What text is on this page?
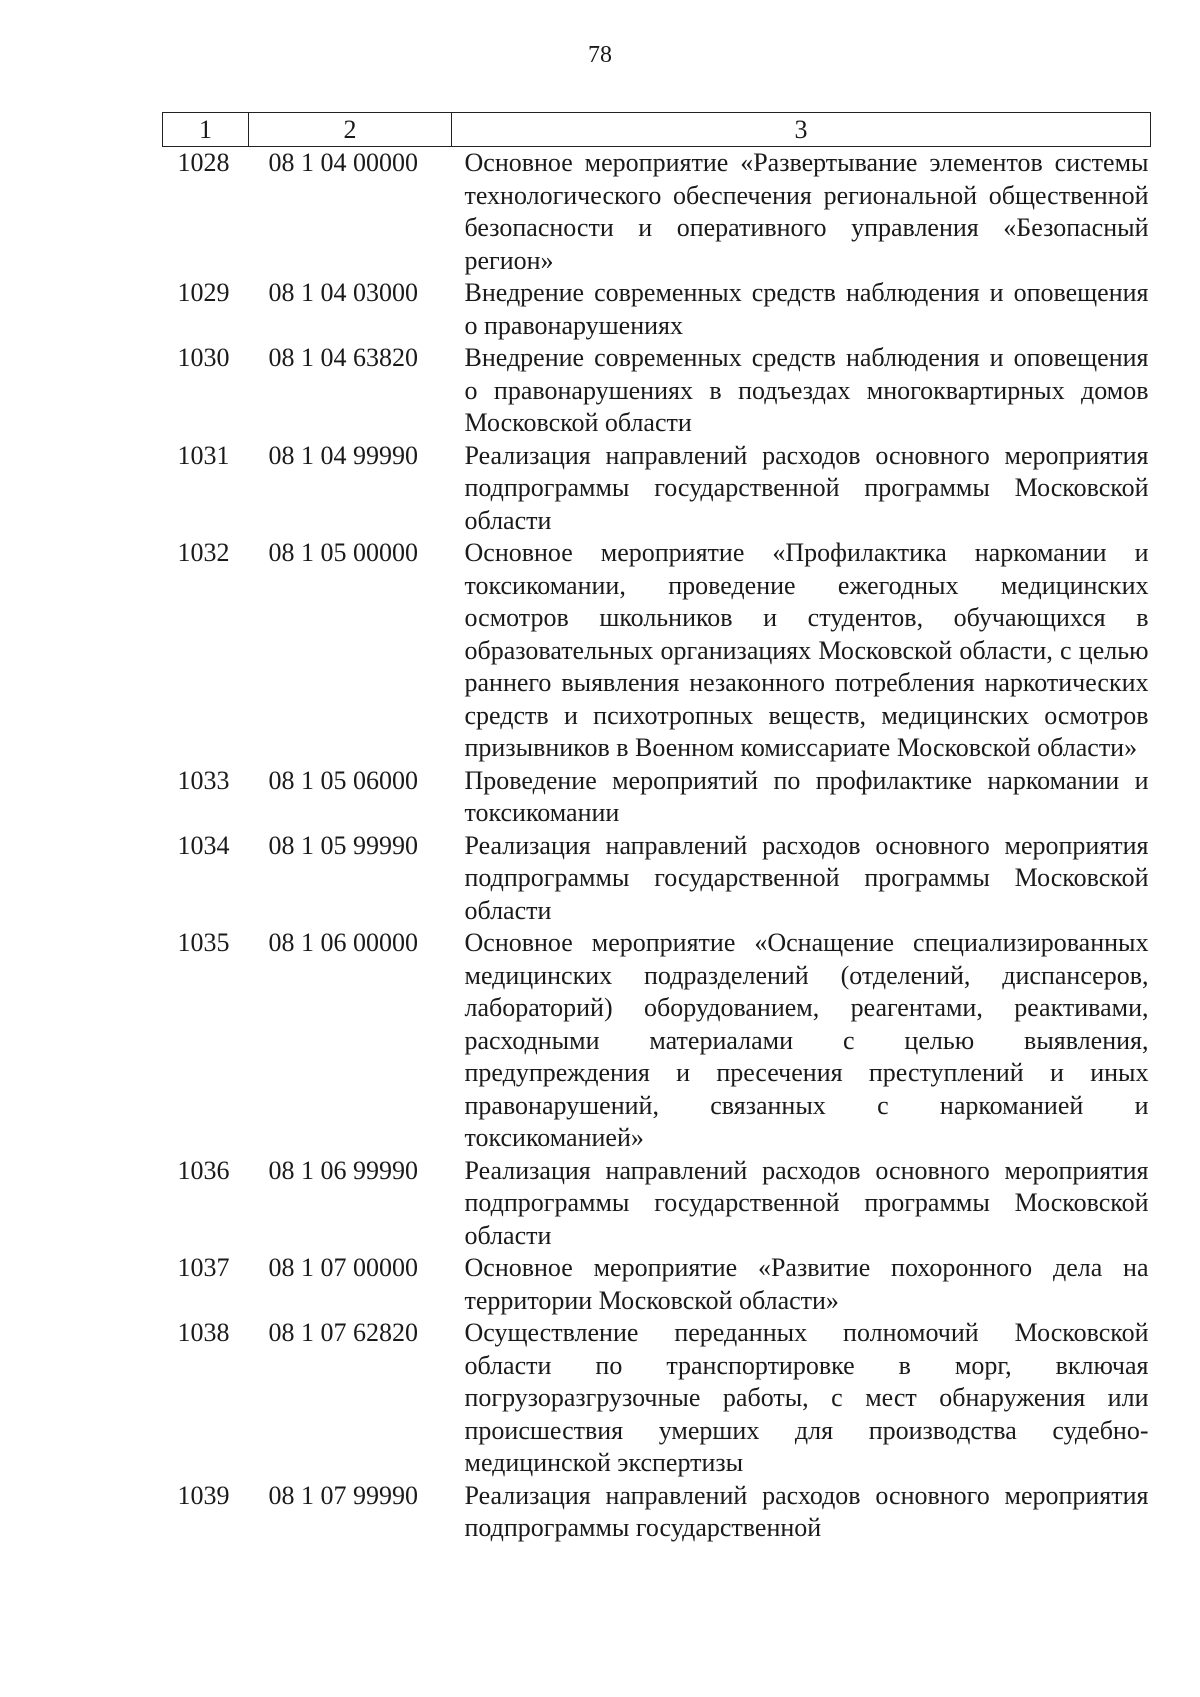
78
1	2	3
1028	08 1 04 00000	Основное мероприятие «Развертывание элементов системы технологического обеспечения региональной общественной безопасности и оперативного управления «Безопасный регион»
1029	08 1 04 03000	Внедрение современных средств наблюдения и оповещения о правонарушениях
1030	08 1 04 63820	Внедрение современных средств наблюдения и оповещения о правонарушениях в подъездах многоквартирных домов Московской области
1031	08 1 04 99990	Реализация направлений расходов основного мероприятия подпрограммы государственной программы Московской области
1032	08 1 05 00000	Основное мероприятие «Профилактика наркомании и токсикомании, проведение ежегодных медицинских осмотров школьников и студентов, обучающихся в образовательных организациях Московской области, с целью раннего выявления незаконного потребления наркотических средств и психотропных веществ, медицинских осмотров призывников в Военном комиссариате Московской области»
1033	08 1 05 06000	Проведение мероприятий по профилактике наркомании и токсикомании
1034	08 1 05 99990	Реализация направлений расходов основного мероприятия подпрограммы государственной программы Московской области
1035	08 1 06 00000	Основное мероприятие «Оснащение специализированных медицинских подразделений (отделений, диспансеров, лабораторий) оборудованием, реагентами, реактивами, расходными материалами с целью выявления, предупреждения и пресечения преступлений и иных правонарушений, связанных с наркоманией и токсикоманией»
1036	08 1 06 99990	Реализация направлений расходов основного мероприятия подпрограммы государственной программы Московской области
1037	08 1 07 00000	Основное мероприятие «Развитие похоронного дела на территории Московской области»
1038	08 1 07 62820	Осуществление переданных полномочий Московской области по транспортировке в морг, включая погрузоразгрузочные работы, с мест обнаружения или происшествия умерших для производства судебно-медицинской экспертизы
1039	08 1 07 99990	Реализация направлений расходов основного мероприятия подпрограммы государственной
